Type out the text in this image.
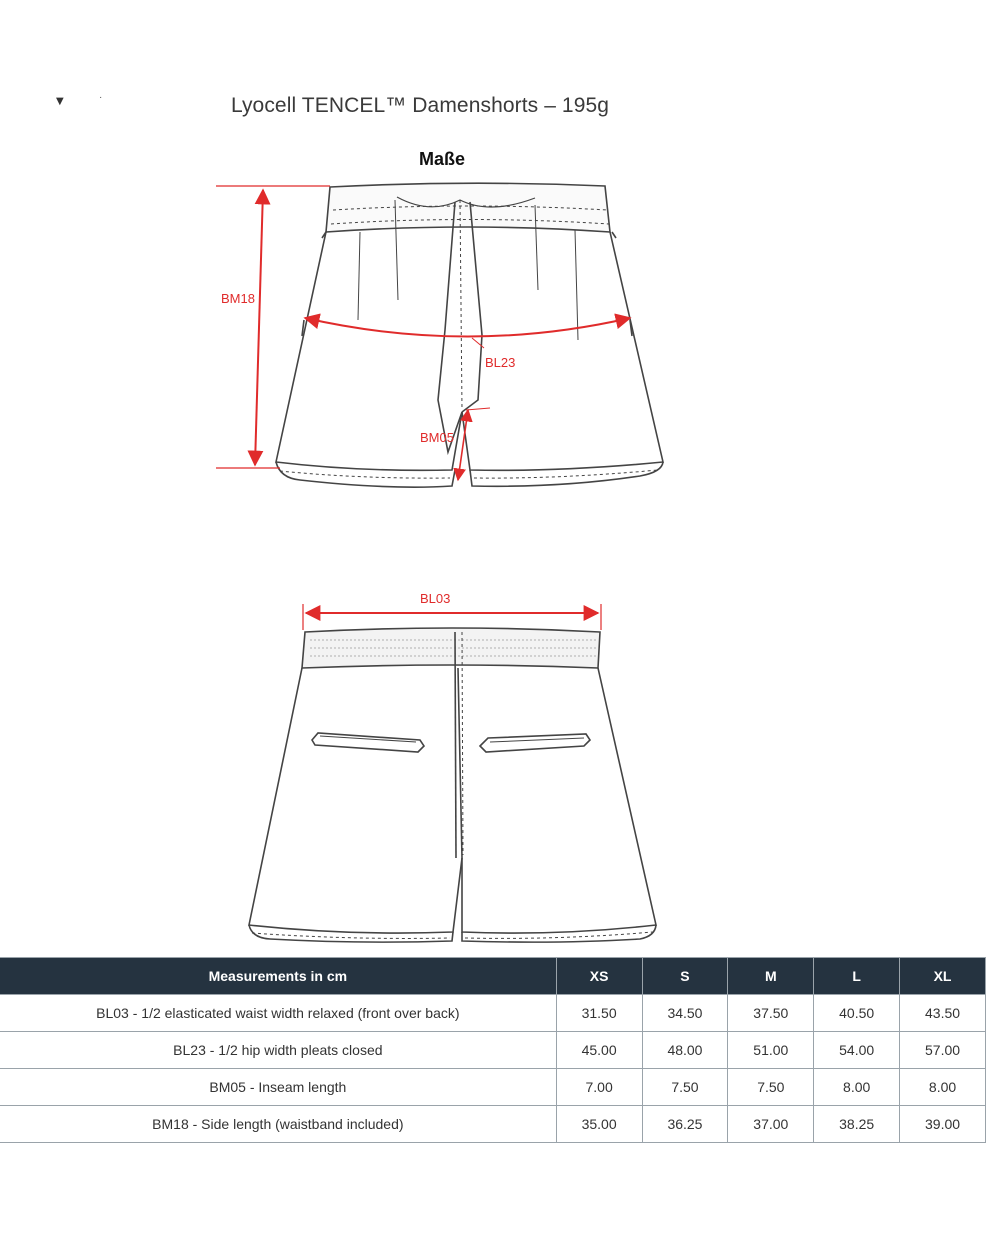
▼	·	Lyocell TENCEL™ Damenshorts – 195g
Maße
BM18
BL23
BM05
BL03
Measurements in cm	XS	S	M	L	XL
BL03 - 1/2 elasticated waist width relaxed (front over back)	31.50	34.50	37.50	40.50	43.50
BL23 - 1/2 hip width pleats closed	45.00	48.00	51.00	54.00	57.00
BM05 - Inseam length	7.00	7.50	7.50	8.00	8.00
BM18 - Side length (waistband included)	35.00	36.25	37.00	38.25	39.00
